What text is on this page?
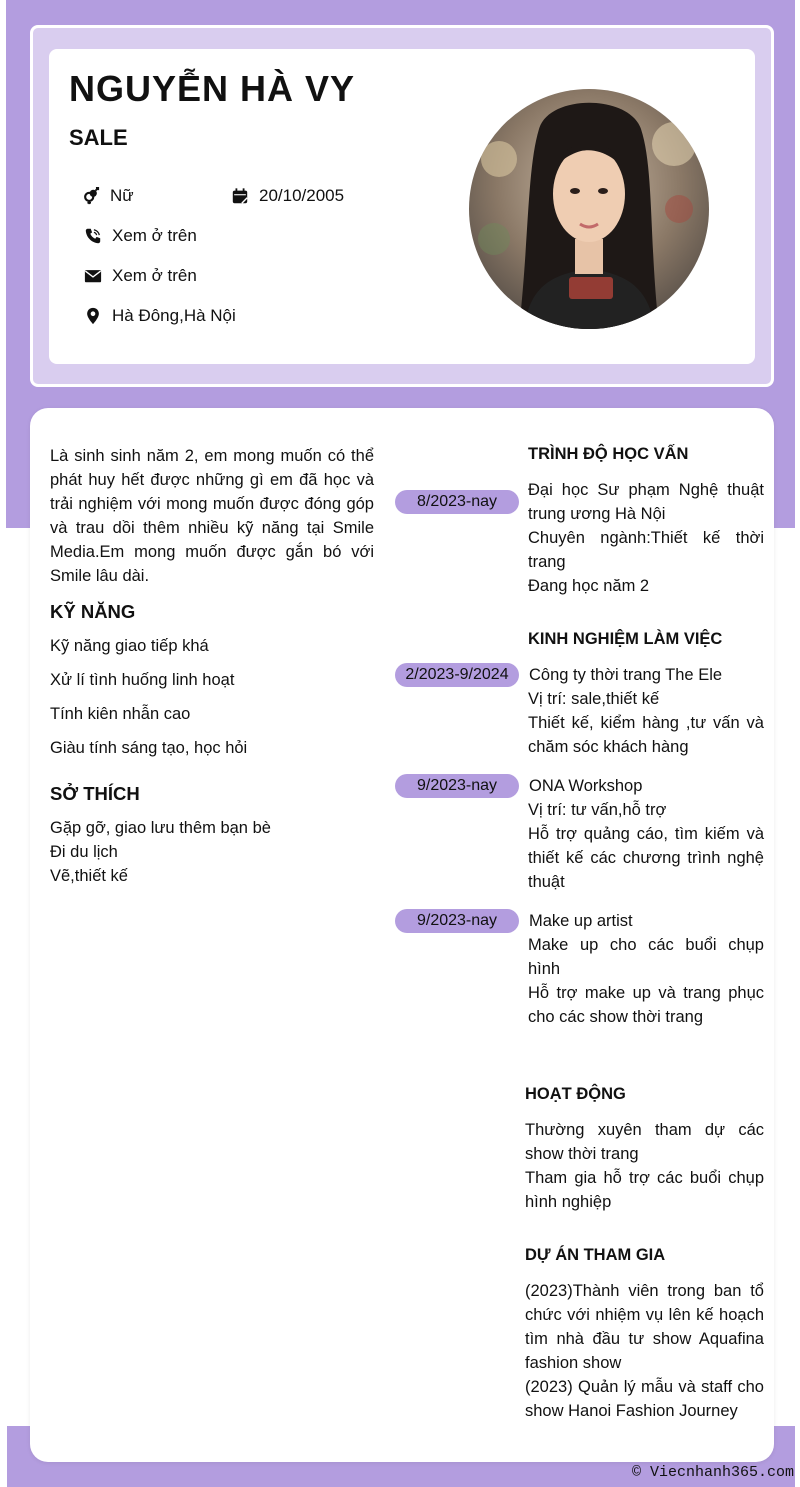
NGUYỄN HÀ VY
SALE
Nữ	20/10/2005
Xem ở trên
Xem ở trên
Hà Đông,Hà Nội
Là sinh sinh năm 2, em mong muốn có thể phát huy hết được những gì em đã học và trải nghiệm với mong muốn được đóng góp và trau dồi thêm nhiều kỹ năng tại Smile Media.Em mong muốn được gắn bó với Smile lâu dài.
KỸ NĂNG
Kỹ năng giao tiếp khá
Xử lí tình huống linh hoạt
Tính kiên nhẫn cao
Giàu tính sáng tạo, học hỏi
SỞ THÍCH
Gặp gỡ, giao lưu thêm bạn bè
Đi du lịch
Vẽ,thiết kế
TRÌNH ĐỘ HỌC VẤN
8/2023-nay
Đại học Sư phạm Nghệ thuật trung ương Hà Nội
Chuyên ngành:Thiết kế thời trang
Đang học năm 2
KINH NGHIỆM LÀM VIỆC
2/2023-9/2024	Công ty thời trang The Ele
Vị trí: sale,thiết kế
Thiết kế, kiểm hàng ,tư vấn và chăm sóc khách hàng
9/2023-nay	ONA Workshop
Vị trí: tư vấn,hỗ trợ
Hỗ trợ quảng cáo, tìm kiếm và thiết kế các chương trình nghệ thuật
9/2023-nay	Make up artist
Make up cho các buổi chụp hình
Hỗ trợ make up và trang phục cho các show thời trang
HOẠT ĐỘNG
Thường xuyên tham dự các show thời trang
Tham gia hỗ trợ các buổi chụp hình nghiệp
DỰ ÁN THAM GIA
(2023)Thành viên trong ban tổ chức với nhiệm vụ lên kế hoạch tìm nhà đầu tư show Aquafina fashion show
(2023) Quản lý mẫu và staff cho show Hanoi Fashion Journey
© Viecnhanh365.com
